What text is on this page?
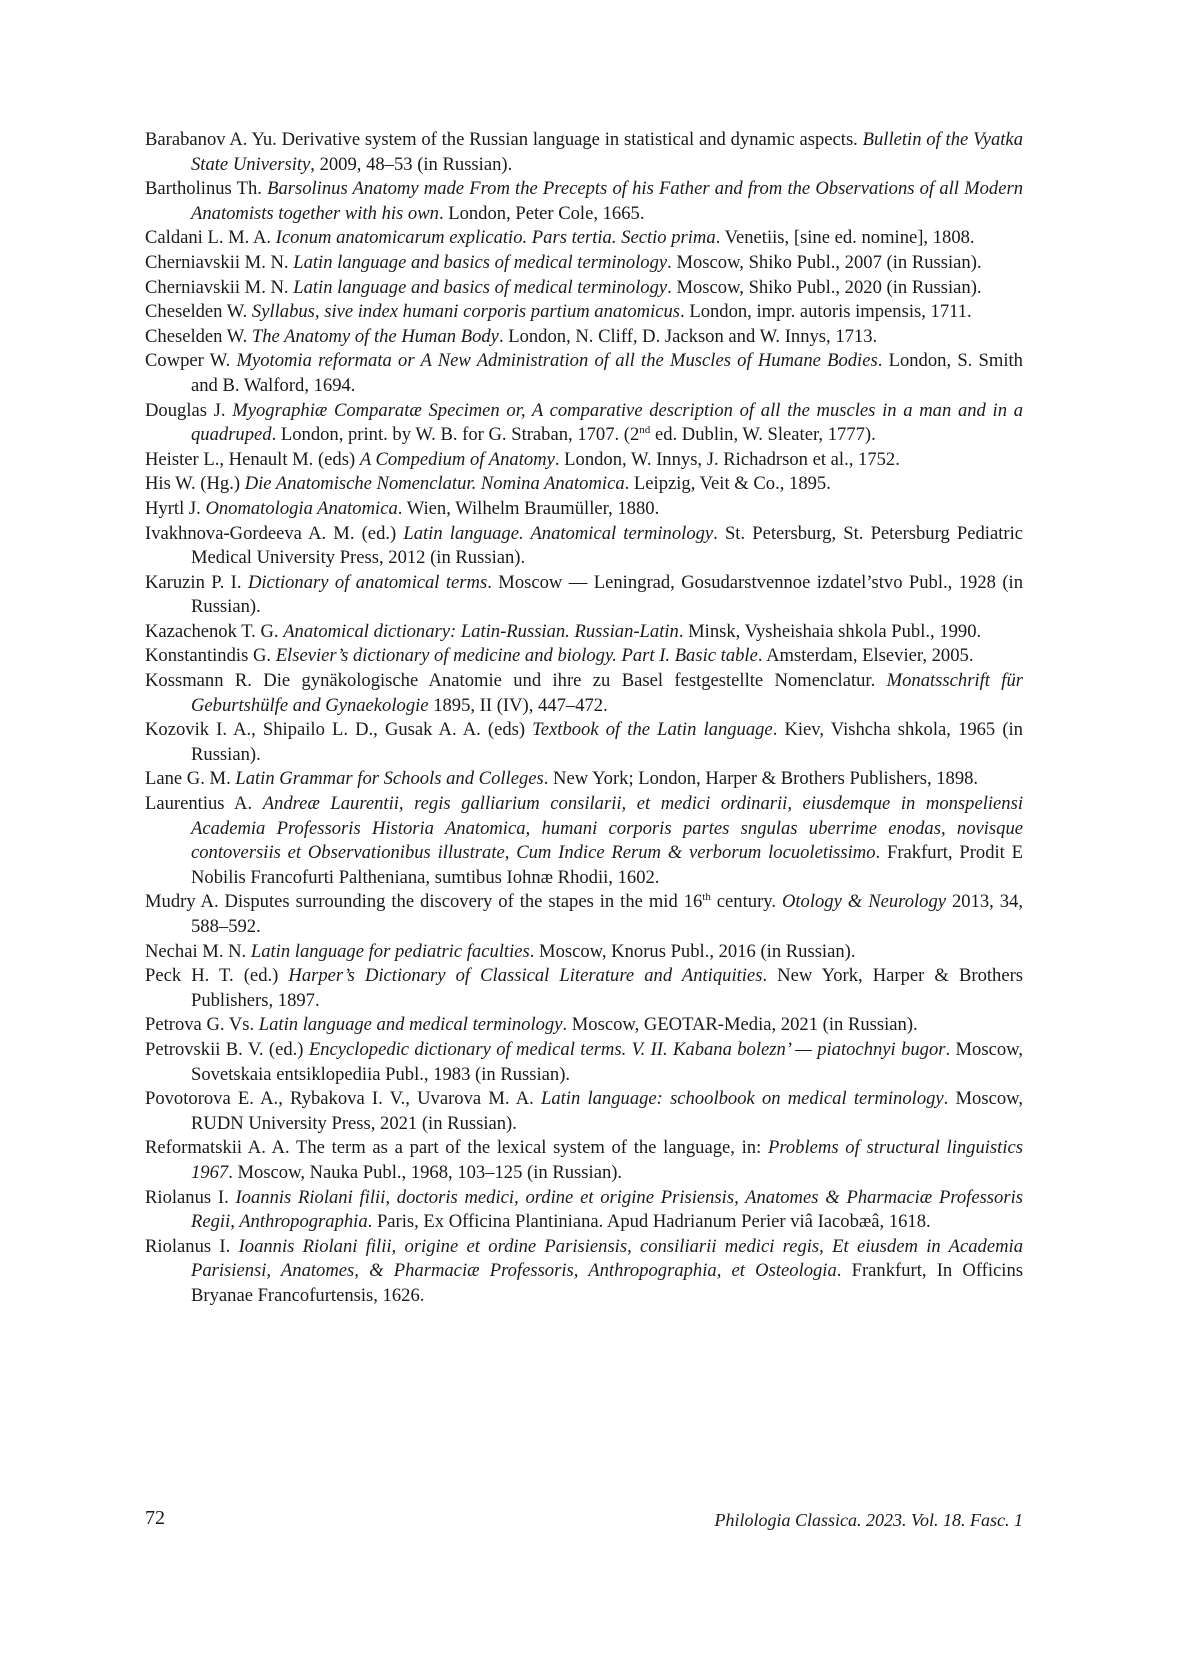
Barabanov A. Yu. Derivative system of the Russian language in statistical and dynamic aspects. Bulletin of the Vyatka State University, 2009, 48–53 (in Russian).
Bartholinus Th. Barsolinus Anatomy made From the Precepts of his Father and from the Observations of all Modern Anatomists together with his own. London, Peter Cole, 1665.
Caldani L. M. A. Iconum anatomicarum explicatio. Pars tertia. Sectio prima. Venetiis, [sine ed. nomine], 1808.
Cherniavskii M. N. Latin language and basics of medical terminology. Moscow, Shiko Publ., 2007 (in Russian).
Cherniavskii M. N. Latin language and basics of medical terminology. Moscow, Shiko Publ., 2020 (in Russian).
Cheselden W. Syllabus, sive index humani corporis partium anatomicus. London, impr. autoris impensis, 1711.
Cheselden W. The Anatomy of the Human Body. London, N. Cliff, D. Jackson and W. Innys, 1713.
Cowper W. Myotomia reformata or A New Administration of all the Muscles of Humane Bodies. London, S. Smith and B. Walford, 1694.
Douglas J. Myographiæ Comparatæ Specimen or, A comparative description of all the muscles in a man and in a quadruped. London, print. by W. B. for G. Straban, 1707. (2nd ed. Dublin, W. Sleater, 1777).
Heister L., Henault M. (eds) A Compedium of Anatomy. London, W. Innys, J. Richadrson et al., 1752.
His W. (Hg.) Die Anatomische Nomenclatur. Nomina Anatomica. Leipzig, Veit & Co., 1895.
Hyrtl J. Onomatologia Anatomica. Wien, Wilhelm Braumüller, 1880.
Ivakhnova-Gordeeva A. M. (ed.) Latin language. Anatomical terminology. St. Petersburg, St. Petersburg Pediatric Medical University Press, 2012 (in Russian).
Karuzin P. I. Dictionary of anatomical terms. Moscow — Leningrad, Gosudarstvennoe izdatel’stvo Publ., 1928 (in Russian).
Kazachenok T. G. Anatomical dictionary: Latin-Russian. Russian-Latin. Minsk, Vysheishaia shkola Publ., 1990.
Konstantindis G. Elsevier’s dictionary of medicine and biology. Part I. Basic table. Amsterdam, Elsevier, 2005.
Kossmann R. Die gynäkologische Anatomie und ihre zu Basel festgestellte Nomenclatur. Monatsschrift für Geburtshülfe and Gynaekologie 1895, II (IV), 447–472.
Kozovik I. A., Shipailo L. D., Gusak A. A. (eds) Textbook of the Latin language. Kiev, Vishcha shkola, 1965 (in Russian).
Lane G. M. Latin Grammar for Schools and Colleges. New York; London, Harper & Brothers Publishers, 1898.
Laurentius A. Andreæ Laurentii, regis galliarium consilarii, et medici ordinarii, eiusdemque in monspeliensi Academia Professoris Historia Anatomica, humani corporis partes sngulas uberrime enodas, novisque contoversiis et Observationibus illustrate, Cum Indice Rerum & verborum locuoletissimo. Frakfurt, Prodit E Nobilis Francofurti Paltheniana, sumtibus Iohnæ Rhodii, 1602.
Mudry A. Disputes surrounding the discovery of the stapes in the mid 16th century. Otology & Neurology 2013, 34, 588–592.
Nechai M. N. Latin language for pediatric faculties. Moscow, Knorus Publ., 2016 (in Russian).
Peck H. T. (ed.) Harper’s Dictionary of Classical Literature and Antiquities. New York, Harper & Brothers Publishers, 1897.
Petrova G. Vs. Latin language and medical terminology. Moscow, GEOTAR-Media, 2021 (in Russian).
Petrovskii B. V. (ed.) Encyclopedic dictionary of medical terms. V. II. Kabana bolezn’ — piatochnyi bugor. Moscow, Sovetskaia entsiklopediia Publ., 1983 (in Russian).
Povotorova E. A., Rybakova I. V., Uvarova M. A. Latin language: schoolbook on medical terminology. Moscow, RUDN University Press, 2021 (in Russian).
Reformatskii A. A. The term as a part of the lexical system of the language, in: Problems of structural linguistics 1967. Moscow, Nauka Publ., 1968, 103–125 (in Russian).
Riolanus I. Ioannis Riolani filii, doctoris medici, ordine et origine Prisiensis, Anatomes & Pharmaciæ Professoris Regii, Anthropographia. Paris, Ex Officina Plantiniana. Apud Hadrianum Perier viâ Iacobæâ, 1618.
Riolanus I. Ioannis Riolani filii, origine et ordine Parisiensis, consiliarii medici regis, Et eiusdem in Academia Parisiensi, Anatomes, & Pharmaciæ Professoris, Anthropographia, et Osteologia. Frankfurt, In Officins Bryanae Francofurtensis, 1626.
72	Philologia Classica. 2023. Vol. 18. Fasc. 1
